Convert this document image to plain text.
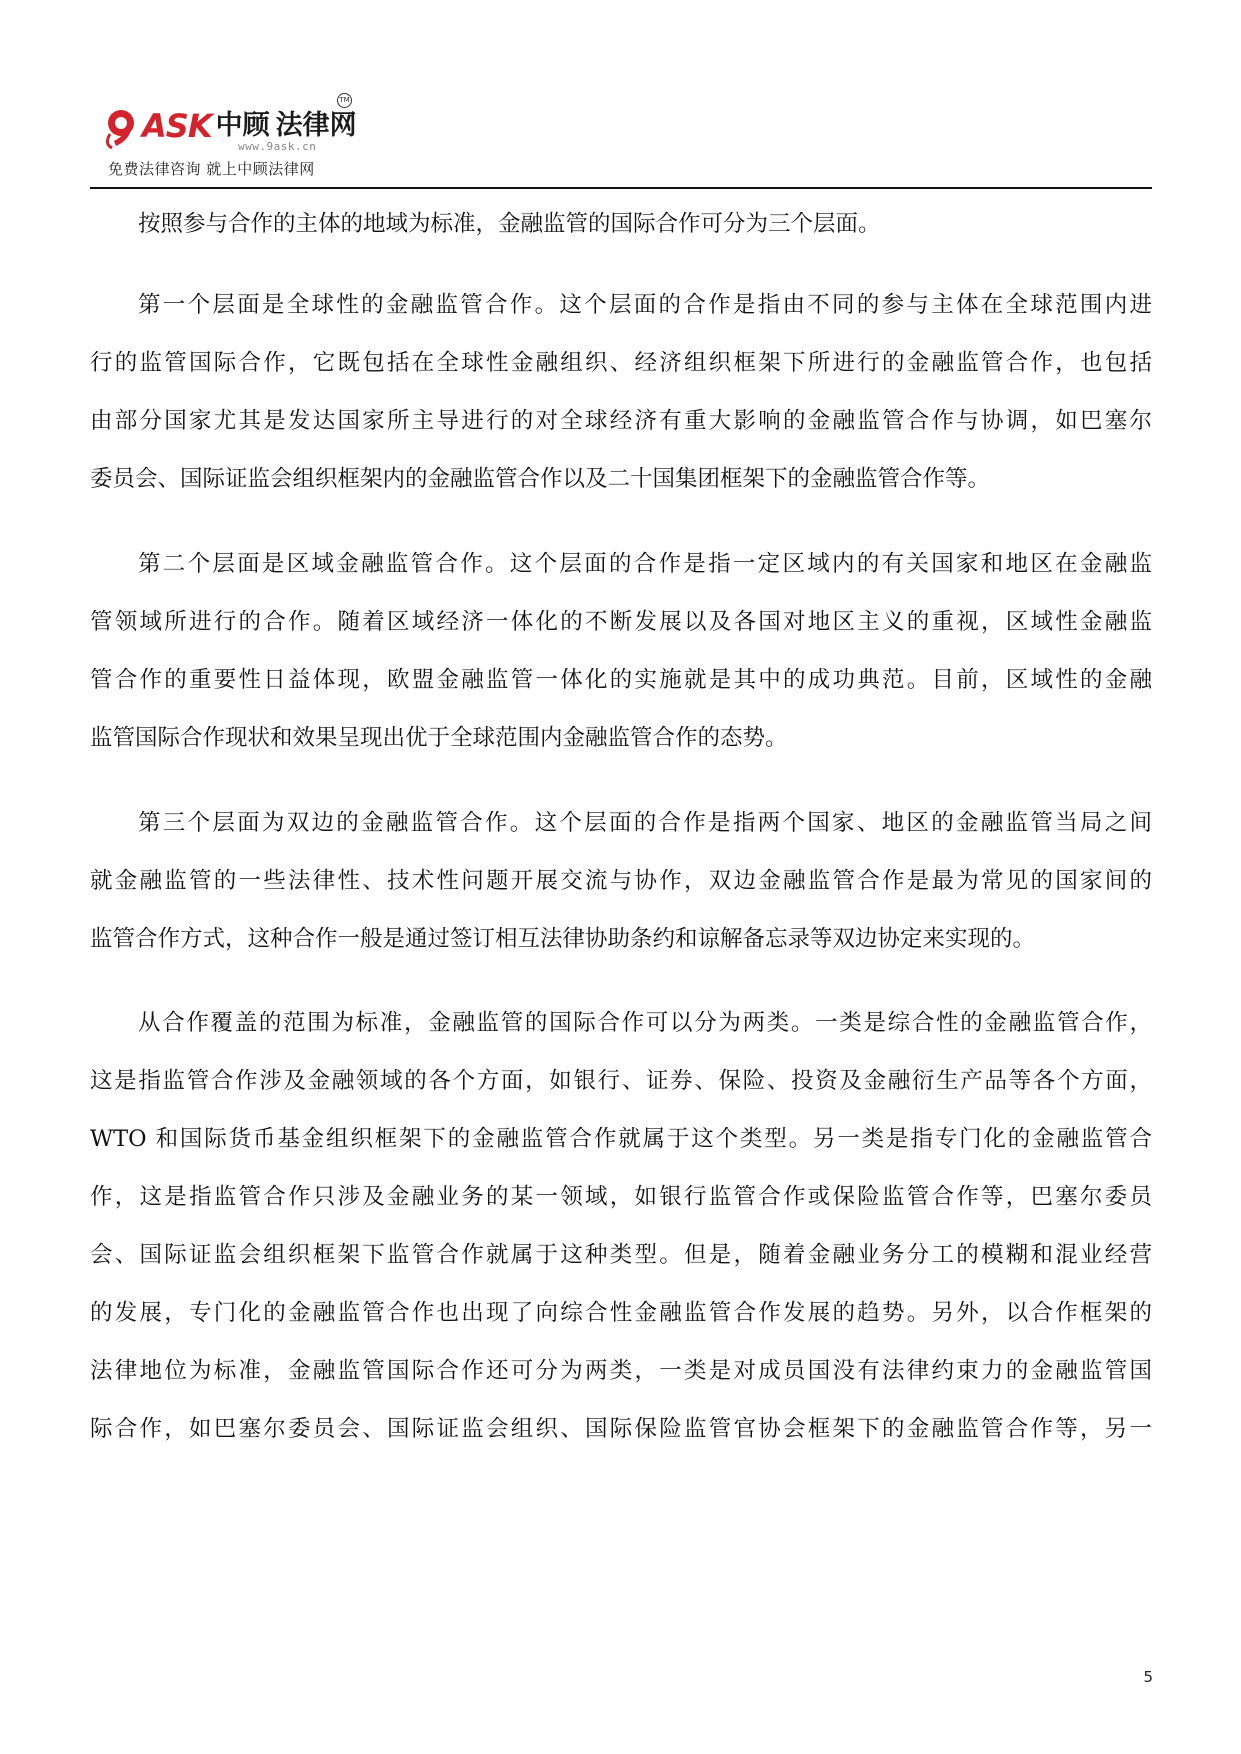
ASK 中顾 法律网
TM
www.9ask.cn
免费法律咨询 就上中顾法律网
按照参与合作的主体的地域为标准，金融监管的国际合作可分为三个层面。
第一个层面是全球性的金融监管合作。这个层面的合作是指由不同的参与主体在全球范围内进
行的监管国际合作，它既包括在全球性金融组织、经济组织框架下所进行的金融监管合作，也包括
由部分国家尤其是发达国家所主导进行的对全球经济有重大影响的金融监管合作与协调，如巴塞尔
委员会、国际证监会组织框架内的金融监管合作以及二十国集团框架下的金融监管合作等。
第二个层面是区域金融监管合作。这个层面的合作是指一定区域内的有关国家和地区在金融监
管领域所进行的合作。随着区域经济一体化的不断发展以及各国对地区主义的重视，区域性金融监
管合作的重要性日益体现，欧盟金融监管一体化的实施就是其中的成功典范。目前，区域性的金融
监管国际合作现状和效果呈现出优于全球范围内金融监管合作的态势。
第三个层面为双边的金融监管合作。这个层面的合作是指两个国家、地区的金融监管当局之间
就金融监管的一些法律性、技术性问题开展交流与协作，双边金融监管合作是最为常见的国家间的
监管合作方式，这种合作一般是通过签订相互法律协助条约和谅解备忘录等双边协定来实现的。
从合作覆盖的范围为标准，金融监管的国际合作可以分为两类。一类是综合性的金融监管合作，
这是指监管合作涉及金融领域的各个方面，如银行、证券、保险、投资及金融衍生产品等各个方面，
WTO 和国际货币基金组织框架下的金融监管合作就属于这个类型。另一类是指专门化的金融监管合
作，这是指监管合作只涉及金融业务的某一领域，如银行监管合作或保险监管合作等，巴塞尔委员
会、国际证监会组织框架下监管合作就属于这种类型。但是，随着金融业务分工的模糊和混业经营
的发展，专门化的金融监管合作也出现了向综合性金融监管合作发展的趋势。另外，以合作框架的
法律地位为标准，金融监管国际合作还可分为两类，一类是对成员国没有法律约束力的金融监管国
际合作，如巴塞尔委员会、国际证监会组织、国际保险监管官协会框架下的金融监管合作等，另一
5
